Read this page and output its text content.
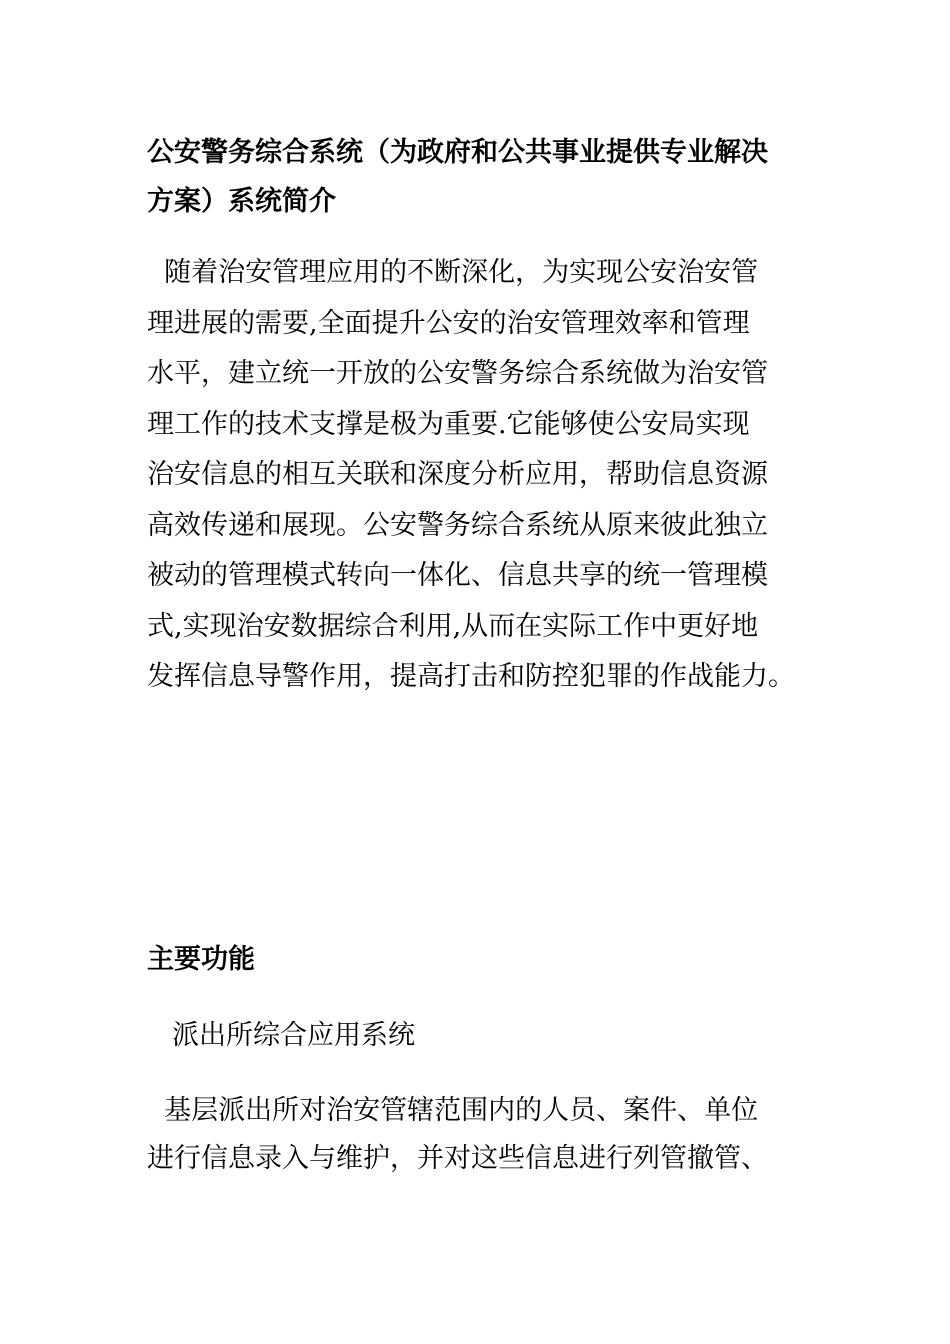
公安警务综合系统（为政府和公共事业提供专业解决
方案）系统简介
随着治安管理应用的不断深化，为实现公安治安管
理进展的需要,全面提升公安的治安管理效率和管理
水平，建立统一开放的公安警务综合系统做为治安管
理工作的技术支撑是极为重要.它能够使公安局实现
治安信息的相互关联和深度分析应用，帮助信息资源
高效传递和展现。公安警务综合系统从原来彼此独立
被动的管理模式转向一体化、信息共享的统一管理模
式,实现治安数据综合利用,从而在实际工作中更好地
发挥信息导警作用，提高打击和防控犯罪的作战能力。
主要功能

派出所综合应用系统

基层派出所对治安管辖范围内的人员、案件、单位
进行信息录入与维护，并对这些信息进行列管撤管、
